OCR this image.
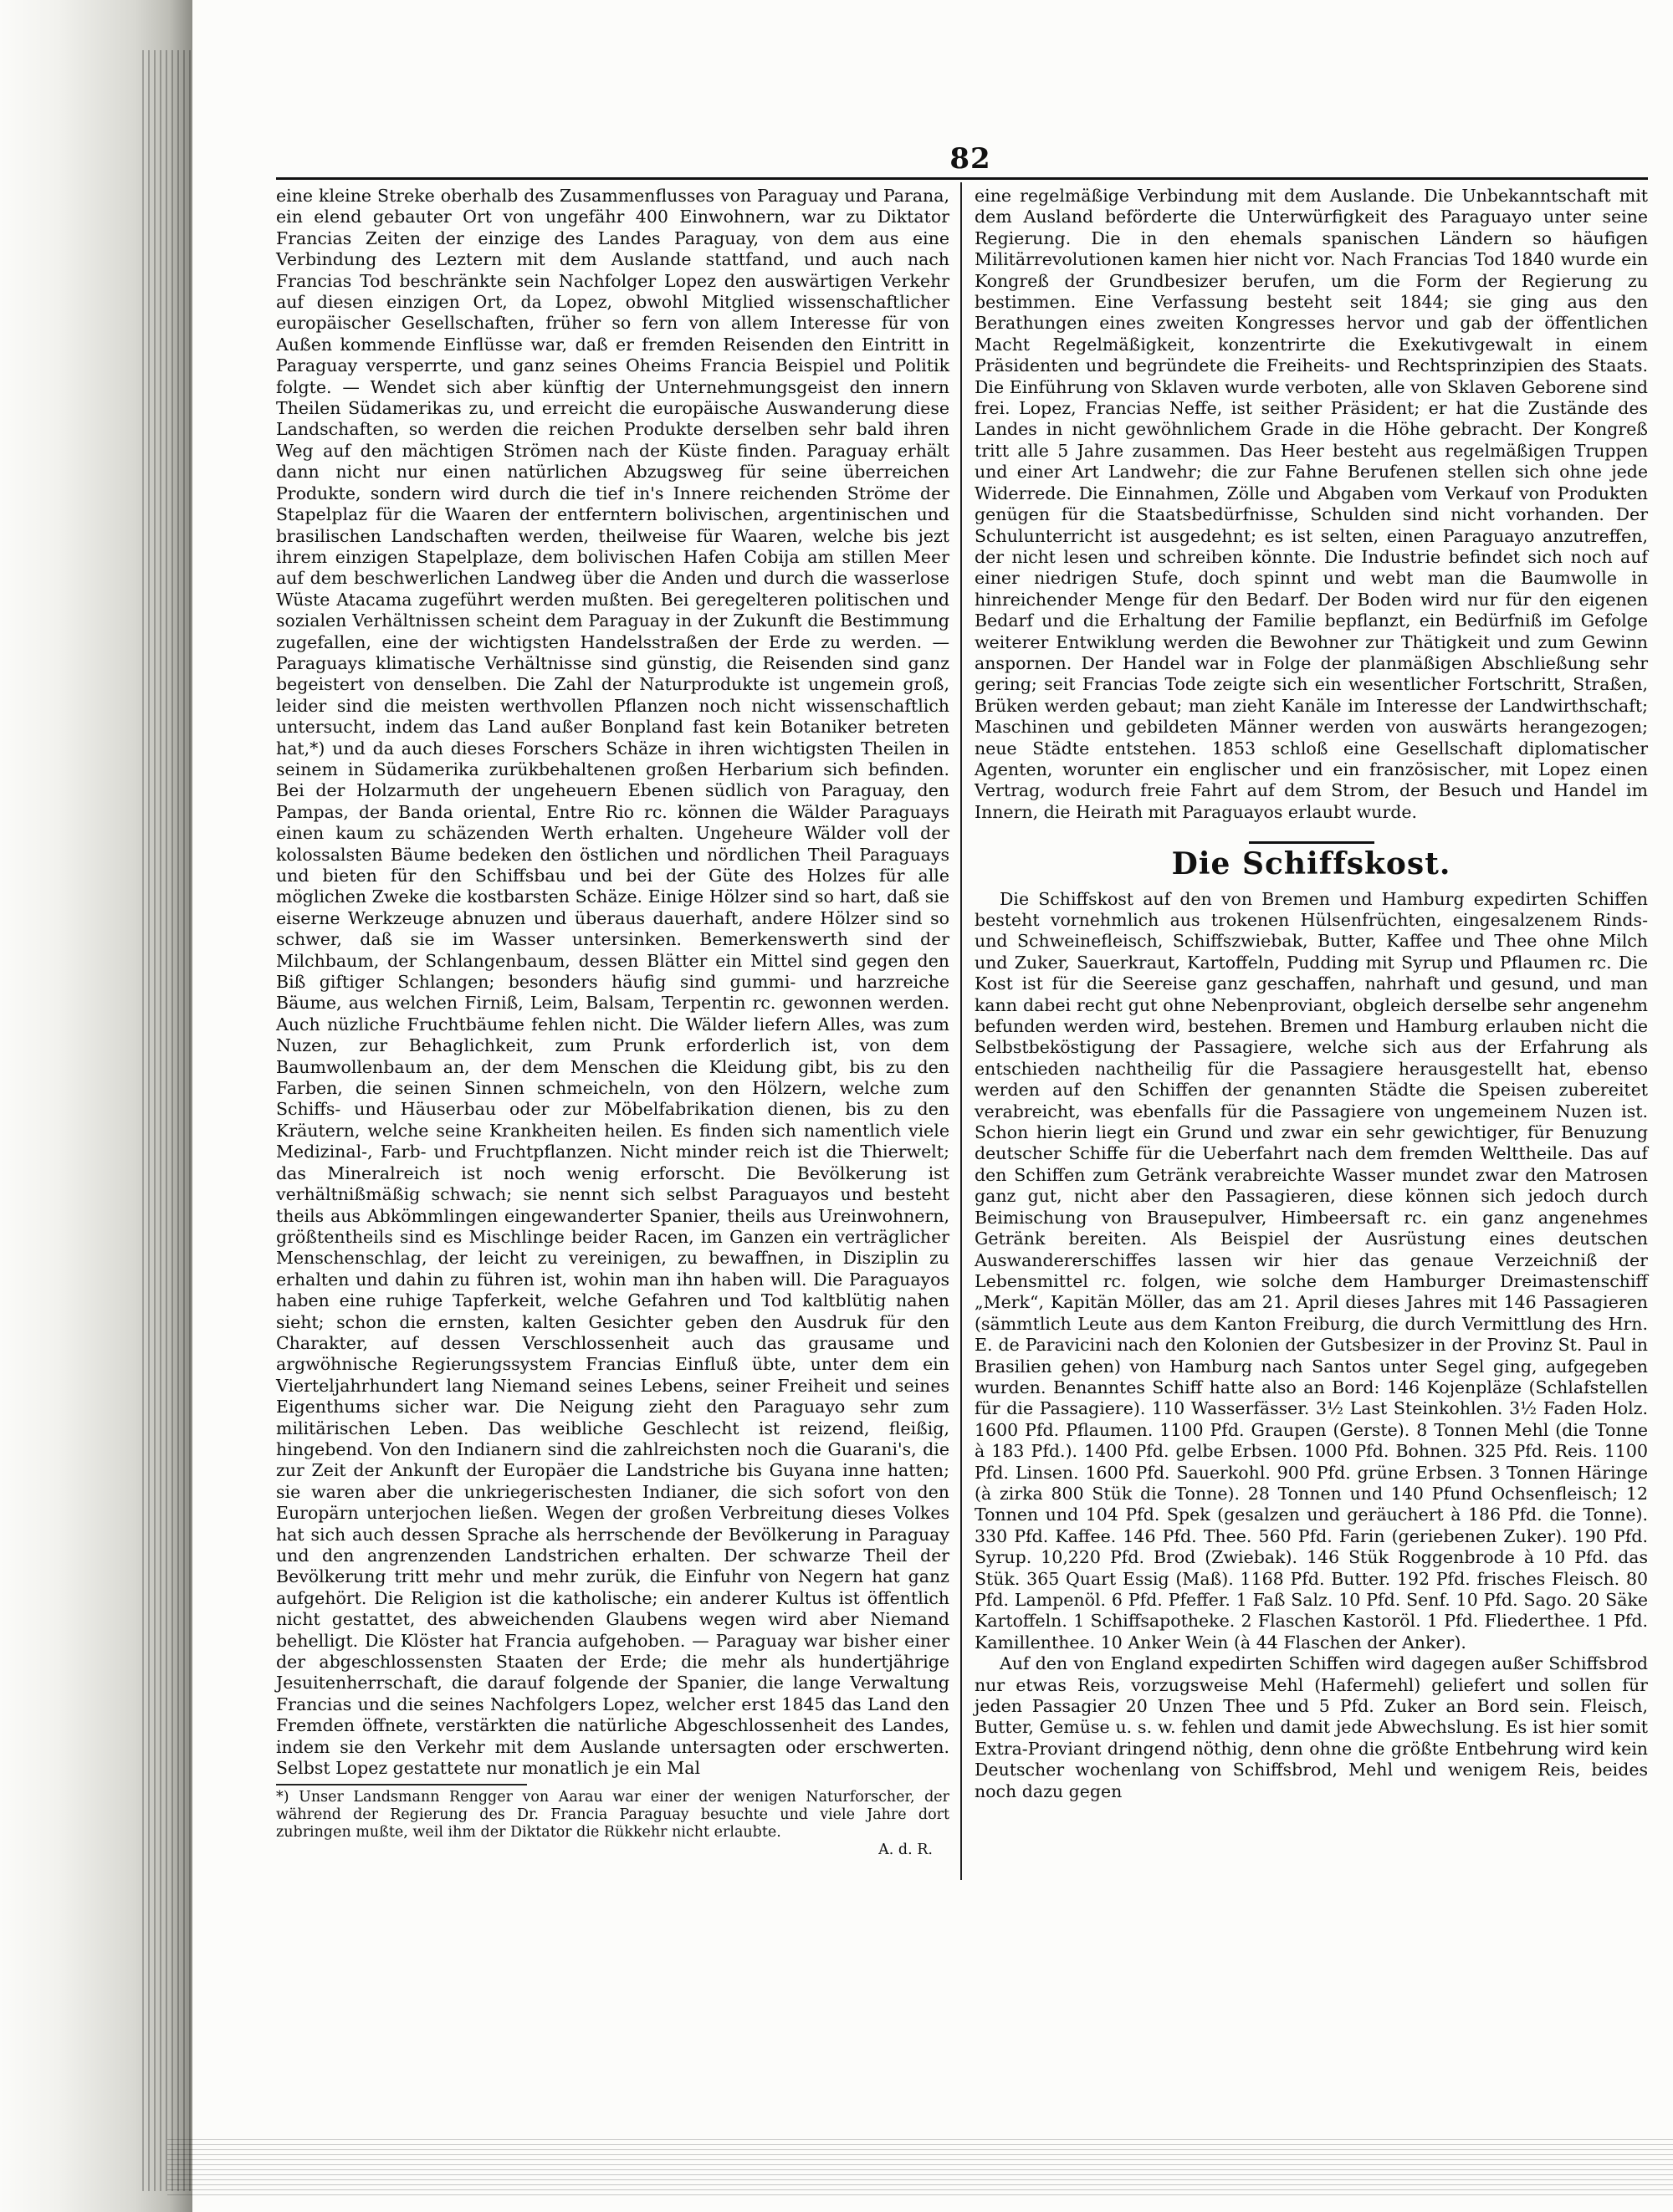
82

eine kleine Streke oberhalb des Zusammenflusses von Paraguay und Parana, ein elend gebauter Ort von ungefähr 400 Einwohnern, war zu Diktator Francias Zeiten der einzige des Landes Paraguay, von dem aus eine Verbindung des Leztern mit dem Auslande stattfand, und auch nach Francias Tod beschränkte sein Nachfolger Lopez den auswärtigen Verkehr auf diesen einzigen Ort, da Lopez, obwohl Mitglied wissenschaftlicher europäischer Gesellschaften, früher so fern von allem Interesse für von Außen kommende Einflüsse war, daß er fremden Reisenden den Eintritt in Paraguay versperrte, und ganz seines Oheims Francia Beispiel und Politik folgte. — Wendet sich aber künftig der Unternehmungsgeist den innern Theilen Südamerikas zu, und erreicht die europäische Auswanderung diese Landschaften, so werden die reichen Produkte derselben sehr bald ihren Weg auf den mächtigen Strömen nach der Küste finden. Paraguay erhält dann nicht nur einen natürlichen Abzugsweg für seine überreichen Produkte, sondern wird durch die tief in's Innere reichenden Ströme der Stapelplaz für die Waaren der entferntern bolivischen, argentinischen und brasilischen Landschaften werden, theilweise für Waaren, welche bis jezt ihrem einzigen Stapelplaze, dem bolivischen Hafen Cobija am stillen Meer auf dem beschwerlichen Landweg über die Anden und durch die wasserlose Wüste Atacama zugeführt werden mußten. Bei geregelteren politischen und sozialen Verhältnissen scheint dem Paraguay in der Zukunft die Bestimmung zugefallen, eine der wichtigsten Handelsstraßen der Erde zu werden. — Paraguays klimatische Verhältnisse sind günstig, die Reisenden sind ganz begeistert von denselben. Die Zahl der Naturprodukte ist ungemein groß, leider sind die meisten werthvollen Pflanzen noch nicht wissenschaftlich untersucht, indem das Land außer Bonpland fast kein Botaniker betreten hat,*) und da auch dieses Forschers Schäze in ihren wichtigsten Theilen in seinem in Südamerika zurükbehaltenen großen Herbarium sich befinden. Bei der Holzarmuth der ungeheuern Ebenen südlich von Paraguay, den Pampas, der Banda oriental, Entre Rio rc. können die Wälder Paraguays einen kaum zu schäzenden Werth erhalten. Ungeheure Wälder voll der kolossalsten Bäume bedeken den östlichen und nördlichen Theil Paraguays und bieten für den Schiffsbau und bei der Güte des Holzes für alle möglichen Zweke die kostbarsten Schäze. Einige Hölzer sind so hart, daß sie eiserne Werkzeuge abnuzen und überaus dauerhaft, andere Hölzer sind so schwer, daß sie im Wasser untersinken. Bemerkenswerth sind der Milchbaum, der Schlangenbaum, dessen Blätter ein Mittel sind gegen den Biß giftiger Schlangen; besonders häufig sind gummi- und harzreiche Bäume, aus welchen Firniß, Leim, Balsam, Terpentin rc. gewonnen werden. Auch nüzliche Fruchtbäume fehlen nicht. Die Wälder liefern Alles, was zum Nuzen, zur Behaglichkeit, zum Prunk erforderlich ist, von dem Baumwollenbaum an, der dem Menschen die Kleidung gibt, bis zu den Farben, die seinen Sinnen schmeicheln, von den Hölzern, welche zum Schiffs- und Häuserbau oder zur Möbelfabrikation dienen, bis zu den Kräutern, welche seine Krankheiten heilen. Es finden sich namentlich viele Medizinal-, Farb- und Fruchtpflanzen. Nicht minder reich ist die Thierwelt; das Mineralreich ist noch wenig erforscht. Die Bevölkerung ist verhältnißmäßig schwach; sie nennt sich selbst Paraguayos und besteht theils aus Abkömmlingen eingewanderter Spanier, theils aus Ureinwohnern, größtentheils sind es Mischlinge beider Racen, im Ganzen ein verträglicher Menschenschlag, der leicht zu vereinigen, zu bewaffnen, in Disziplin zu erhalten und dahin zu führen ist, wohin man ihn haben will. Die Paraguayos haben eine ruhige Tapferkeit, welche Gefahren und Tod kaltblütig nahen sieht; schon die ernsten, kalten Gesichter geben den Ausdruk für den Charakter, auf dessen Verschlossenheit auch das grausame und argwöhnische Regierungssystem Francias Einfluß übte, unter dem ein Vierteljahrhundert lang Niemand seines Lebens, seiner Freiheit und seines Eigenthums sicher war. Die Neigung zieht den Paraguayo sehr zum militärischen Leben. Das weibliche Geschlecht ist reizend, fleißig, hingebend. Von den Indianern sind die zahlreichsten noch die Guarani's, die zur Zeit der Ankunft der Europäer die Landstriche bis Guyana inne hatten; sie waren aber die unkriegerischesten Indianer, die sich sofort von den Europärn unterjochen ließen. Wegen der großen Verbreitung dieses Volkes hat sich auch dessen Sprache als herrschende der Bevölkerung in Paraguay und den angrenzenden Landstrichen erhalten. Der schwarze Theil der Bevölkerung tritt mehr und mehr zurük, die Einfuhr von Negern hat ganz aufgehört. Die Religion ist die katholische; ein anderer Kultus ist öffentlich nicht gestattet, des abweichenden Glaubens wegen wird aber Niemand behelligt. Die Klöster hat Francia aufgehoben. — Paraguay war bisher einer der abgeschlossensten Staaten der Erde; die mehr als hundertjährige Jesuitenherrschaft, die darauf folgende der Spanier, die lange Verwaltung Francias und die seines Nachfolgers Lopez, welcher erst 1845 das Land den Fremden öffnete, verstärkten die natürliche Abgeschlossenheit des Landes, indem sie den Verkehr mit dem Auslande untersagten oder erschwerten. Selbst Lopez gestattete nur monatlich je ein Mal

*) Unser Landsmann Rengger von Aarau war einer der wenigen Naturforscher, der während der Regierung des Dr. Francia Paraguay besuchte und viele Jahre dort zubringen mußte, weil ihm der Diktator die Rükkehr nicht erlaubte.

A. d. R.

eine regelmäßige Verbindung mit dem Auslande. Die Unbekanntschaft mit dem Ausland beförderte die Unterwürfigkeit des Paraguayo unter seine Regierung. Die in den ehemals spanischen Ländern so häufigen Militärrevolutionen kamen hier nicht vor. Nach Francias Tod 1840 wurde ein Kongreß der Grundbesizer berufen, um die Form der Regierung zu bestimmen. Eine Verfassung besteht seit 1844; sie ging aus den Berathungen eines zweiten Kongresses hervor und gab der öffentlichen Macht Regelmäßigkeit, konzentrirte die Exekutivgewalt in einem Präsidenten und begründete die Freiheits- und Rechtsprinzipien des Staats. Die Einführung von Sklaven wurde verboten, alle von Sklaven Geborene sind frei. Lopez, Francias Neffe, ist seither Präsident; er hat die Zustände des Landes in nicht gewöhnlichem Grade in die Höhe gebracht. Der Kongreß tritt alle 5 Jahre zusammen. Das Heer besteht aus regelmäßigen Truppen und einer Art Landwehr; die zur Fahne Berufenen stellen sich ohne jede Widerrede. Die Einnahmen, Zölle und Abgaben vom Verkauf von Produkten genügen für die Staatsbedürfnisse, Schulden sind nicht vorhanden. Der Schulunterricht ist ausgedehnt; es ist selten, einen Paraguayo anzutreffen, der nicht lesen und schreiben könnte. Die Industrie befindet sich noch auf einer niedrigen Stufe, doch spinnt und webt man die Baumwolle in hinreichender Menge für den Bedarf. Der Boden wird nur für den eigenen Bedarf und die Erhaltung der Familie bepflanzt, ein Bedürfniß im Gefolge weiterer Entwiklung werden die Bewohner zur Thätigkeit und zum Gewinn anspornen. Der Handel war in Folge der planmäßigen Abschließung sehr gering; seit Francias Tode zeigte sich ein wesentlicher Fortschritt, Straßen, Brüken werden gebaut; man zieht Kanäle im Interesse der Landwirthschaft; Maschinen und gebildeten Männer werden von auswärts herangezogen; neue Städte entstehen. 1853 schloß eine Gesellschaft diplomatischer Agenten, worunter ein englischer und ein französischer, mit Lopez einen Vertrag, wodurch freie Fahrt auf dem Strom, der Besuch und Handel im Innern, die Heirath mit Paraguayos erlaubt wurde.

Die Schiffskost.

Die Schiffskost auf den von Bremen und Hamburg expedirten Schiffen besteht vornehmlich aus trokenen Hülsenfrüchten, eingesalzenem Rinds- und Schweinefleisch, Schiffszwiebak, Butter, Kaffee und Thee ohne Milch und Zuker, Sauerkraut, Kartoffeln, Pudding mit Syrup und Pflaumen rc. Die Kost ist für die Seereise ganz geschaffen, nahrhaft und gesund, und man kann dabei recht gut ohne Nebenproviant, obgleich derselbe sehr angenehm befunden werden wird, bestehen. Bremen und Hamburg erlauben nicht die Selbstbeköstigung der Passagiere, welche sich aus der Erfahrung als entschieden nachtheilig für die Passagiere herausgestellt hat, ebenso werden auf den Schiffen der genannten Städte die Speisen zubereitet verabreicht, was ebenfalls für die Passagiere von ungemeinem Nuzen ist. Schon hierin liegt ein Grund und zwar ein sehr gewichtiger, für Benuzung deutscher Schiffe für die Ueberfahrt nach dem fremden Welttheile. Das auf den Schiffen zum Getränk verabreichte Wasser mundet zwar den Matrosen ganz gut, nicht aber den Passagieren, diese können sich jedoch durch Beimischung von Brausepulver, Himbeersaft rc. ein ganz angenehmes Getränk bereiten. Als Beispiel der Ausrüstung eines deutschen Auswandererschiffes lassen wir hier das genaue Verzeichniß der Lebensmittel rc. folgen, wie solche dem Hamburger Dreimastenschiff „Merk“, Kapitän Möller, das am 21. April dieses Jahres mit 146 Passagieren (sämmtlich Leute aus dem Kanton Freiburg, die durch Vermittlung des Hrn. E. de Paravicini nach den Kolonien der Gutsbesizer in der Provinz St. Paul in Brasilien gehen) von Hamburg nach Santos unter Segel ging, aufgegeben wurden. Benanntes Schiff hatte also an Bord: 146 Kojenpläze (Schlafstellen für die Passagiere). 110 Wasserfässer. 3½ Last Steinkohlen. 3½ Faden Holz. 1600 Pfd. Pflaumen. 1100 Pfd. Graupen (Gerste). 8 Tonnen Mehl (die Tonne à 183 Pfd.). 1400 Pfd. gelbe Erbsen. 1000 Pfd. Bohnen. 325 Pfd. Reis. 1100 Pfd. Linsen. 1600 Pfd. Sauerkohl. 900 Pfd. grüne Erbsen. 3 Tonnen Häringe (à zirka 800 Stük die Tonne). 28 Tonnen und 140 Pfund Ochsenfleisch; 12 Tonnen und 104 Pfd. Spek (gesalzen und geräuchert à 186 Pfd. die Tonne). 330 Pfd. Kaffee. 146 Pfd. Thee. 560 Pfd. Farin (geriebenen Zuker). 190 Pfd. Syrup. 10,220 Pfd. Brod (Zwiebak). 146 Stük Roggenbrode à 10 Pfd. das Stük. 365 Quart Essig (Maß). 1168 Pfd. Butter. 192 Pfd. frisches Fleisch. 80 Pfd. Lampenöl. 6 Pfd. Pfeffer. 1 Faß Salz. 10 Pfd. Senf. 10 Pfd. Sago. 20 Säke Kartoffeln. 1 Schiffsapotheke. 2 Flaschen Kastoröl. 1 Pfd. Fliederthee. 1 Pfd. Kamillenthee. 10 Anker Wein (à 44 Flaschen der Anker).

Auf den von England expedirten Schiffen wird dagegen außer Schiffsbrod nur etwas Reis, vorzugsweise Mehl (Hafermehl) geliefert und sollen für jeden Passagier 20 Unzen Thee und 5 Pfd. Zuker an Bord sein. Fleisch, Butter, Gemüse u. s. w. fehlen und damit jede Abwechslung. Es ist hier somit Extra-Proviant dringend nöthig, denn ohne die größte Entbehrung wird kein Deutscher wochenlang von Schiffsbrod, Mehl und wenigem Reis, beides noch dazu gegen
